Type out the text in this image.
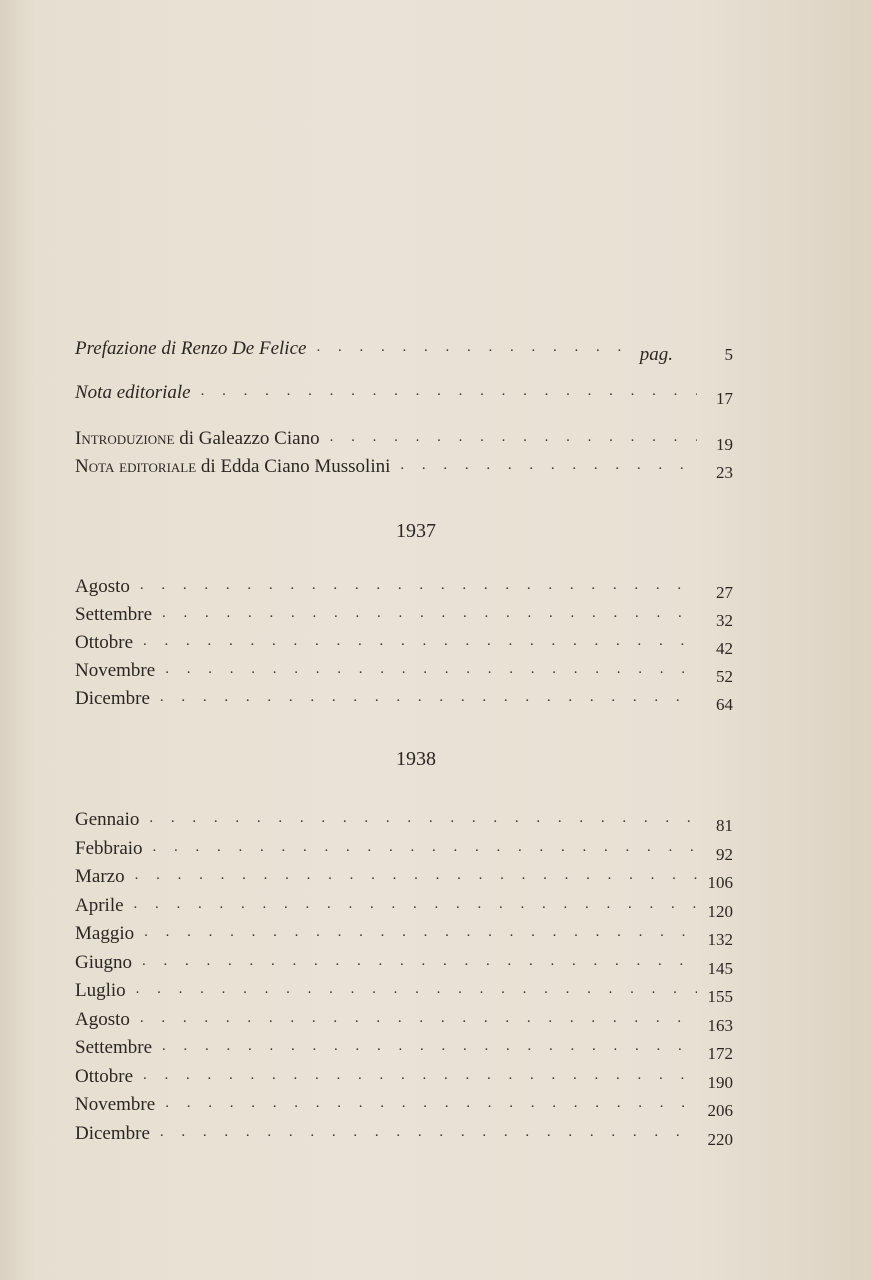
Prefazione di Renzo De Felice . . .	pag.	5
Nota editoriale . . .	17
Introduzione di Galeazzo Ciano . . .	19
Nota editoriale di Edda Ciano Mussolini . . .	23
1937
Agosto . . .	27
Settembre . . .	32
Ottobre . . .	42
Novembre . . .	52
Dicembre . . .	64
1938
Gennaio . . .	81
Febbraio . . .	92
Marzo . . .	106
Aprile . . .	120
Maggio . . .	132
Giugno . . .	145
Luglio . . .	155
Agosto . . .	163
Settembre . . .	172
Ottobre . . .	190
Novembre . . .	206
Dicembre . . .	220
